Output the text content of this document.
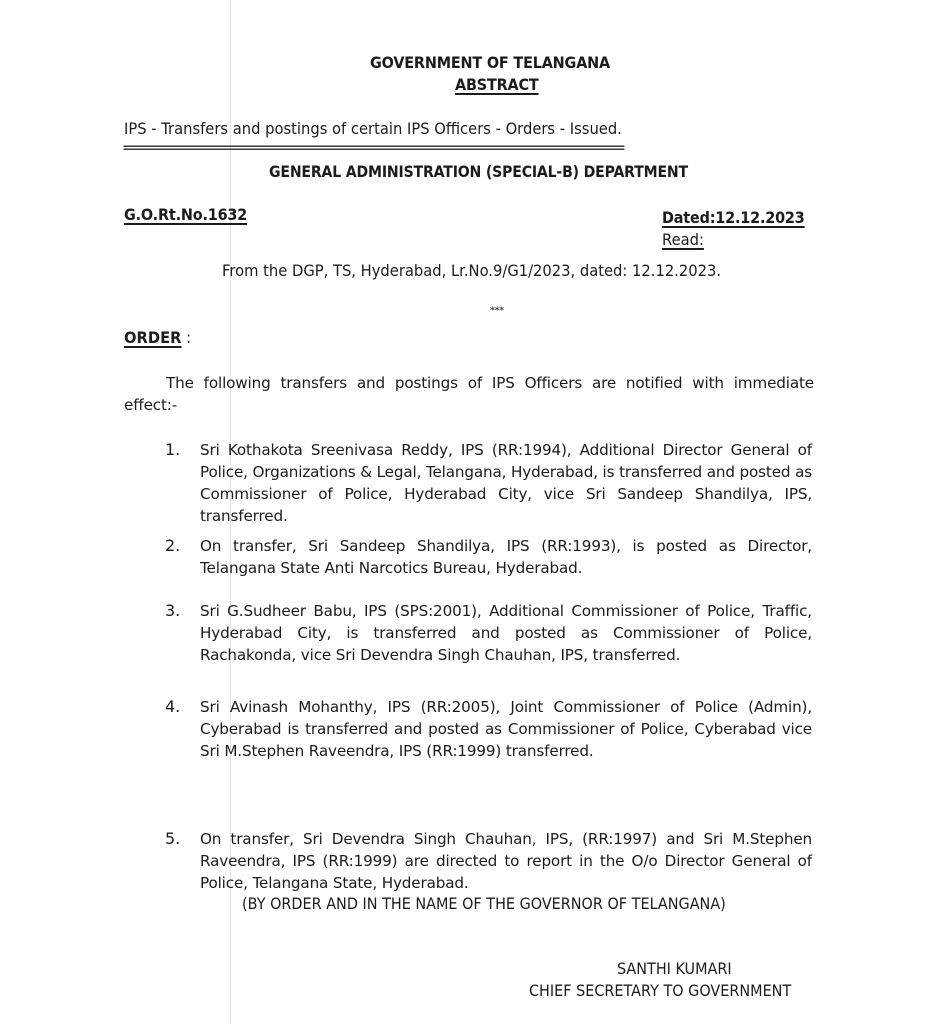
GOVERNMENT OF TELANGANA
ABSTRACT
IPS - Transfers and postings of certain IPS Officers - Orders - Issued.
=================================================================================
GENERAL ADMINISTRATION (SPECIAL-B) DEPARTMENT
G.O.Rt.No.1632	Dated:12.12.2023
Read:
From the DGP, TS, Hyderabad, Lr.No.9/G1/2023, dated: 12.12.2023.
***
ORDER :
The following transfers and postings of IPS Officers are notified with immediate effect:-
1. Sri Kothakota Sreenivasa Reddy, IPS (RR:1994), Additional Director General of Police, Organizations & Legal, Telangana, Hyderabad, is transferred and posted as Commissioner of Police, Hyderabad City, vice Sri Sandeep Shandilya, IPS, transferred.
2. On transfer, Sri Sandeep Shandilya, IPS (RR:1993), is posted as Director, Telangana State Anti Narcotics Bureau, Hyderabad.
3. Sri G.Sudheer Babu, IPS (SPS:2001), Additional Commissioner of Police, Traffic, Hyderabad City, is transferred and posted as Commissioner of Police, Rachakonda, vice Sri Devendra Singh Chauhan, IPS, transferred.
4. Sri Avinash Mohanthy, IPS (RR:2005), Joint Commissioner of Police (Admin), Cyberabad is transferred and posted as Commissioner of Police, Cyberabad vice Sri M.Stephen Raveendra, IPS (RR:1999) transferred.
5. On transfer, Sri Devendra Singh Chauhan, IPS, (RR:1997) and Sri M.Stephen Raveendra, IPS (RR:1999) are directed to report in the O/o Director General of Police, Telangana State, Hyderabad.
(BY ORDER AND IN THE NAME OF THE GOVERNOR OF TELANGANA)
SANTHI KUMARI
CHIEF SECRETARY TO GOVERNMENT
